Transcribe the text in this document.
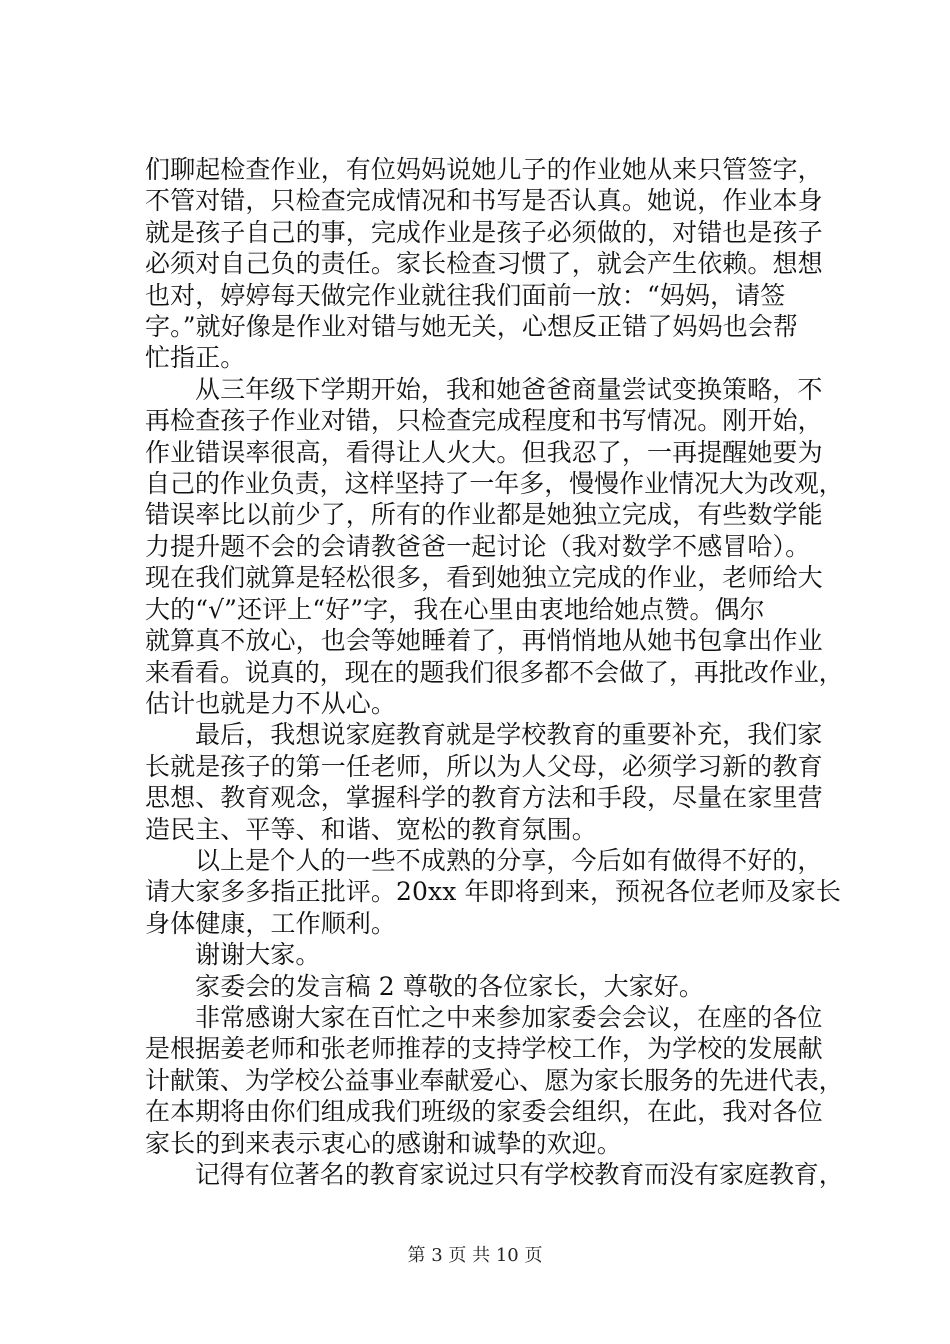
们聊起检查作业，有位妈妈说她儿子的作业她从来只管签字，
不管对错，只检查完成情况和书写是否认真。她说，作业本身
就是孩子自己的事，完成作业是孩子必须做的，对错也是孩子
必须对自己负的责任。家长检查习惯了，就会产生依赖。想想
也对，婷婷每天做完作业就往我们面前一放：“妈妈，请签
字。”就好像是作业对错与她无关，心想反正错了妈妈也会帮
忙指正。

从三年级下学期开始，我和她爸爸商量尝试变换策略，不
再检查孩子作业对错，只检查完成程度和书写情况。刚开始，
作业错误率很高，看得让人火大。但我忍了，一再提醒她要为
自己的作业负责，这样坚持了一年多，慢慢作业情况大为改观，
错误率比以前少了，所有的作业都是她独立完成，有些数学能
力提升题不会的会请教爸爸一起讨论（我对数学不感冒哈）。
现在我们就算是轻松很多，看到她独立完成的作业，老师给大
大的“√”还评上“好”字，我在心里由衷地给她点赞。偶尔
就算真不放心，也会等她睡着了，再悄悄地从她书包拿出作业
来看看。说真的，现在的题我们很多都不会做了，再批改作业，
估计也就是力不从心。

最后，我想说家庭教育就是学校教育的重要补充，我们家
长就是孩子的第一任老师，所以为人父母，必须学习新的教育
思想、教育观念，掌握科学的教育方法和手段，尽量在家里营
造民主、平等、和谐、宽松的教育氛围。

以上是个人的一些不成熟的分享，今后如有做得不好的，
请大家多多指正批评。20xx 年即将到来，预祝各位老师及家长
身体健康，工作顺利。

谢谢大家。

家委会的发言稿 2 尊敬的各位家长，大家好。

非常感谢大家在百忙之中来参加家委会会议，在座的各位
是根据姜老师和张老师推荐的支持学校工作，为学校的发展献
计献策、为学校公益事业奉献爱心、愿为家长服务的先进代表，
在本期将由你们组成我们班级的家委会组织，在此，我对各位
家长的到来表示衷心的感谢和诚挚的欢迎。

记得有位著名的教育家说过只有学校教育而没有家庭教育，

第 3 页 共 10 页
